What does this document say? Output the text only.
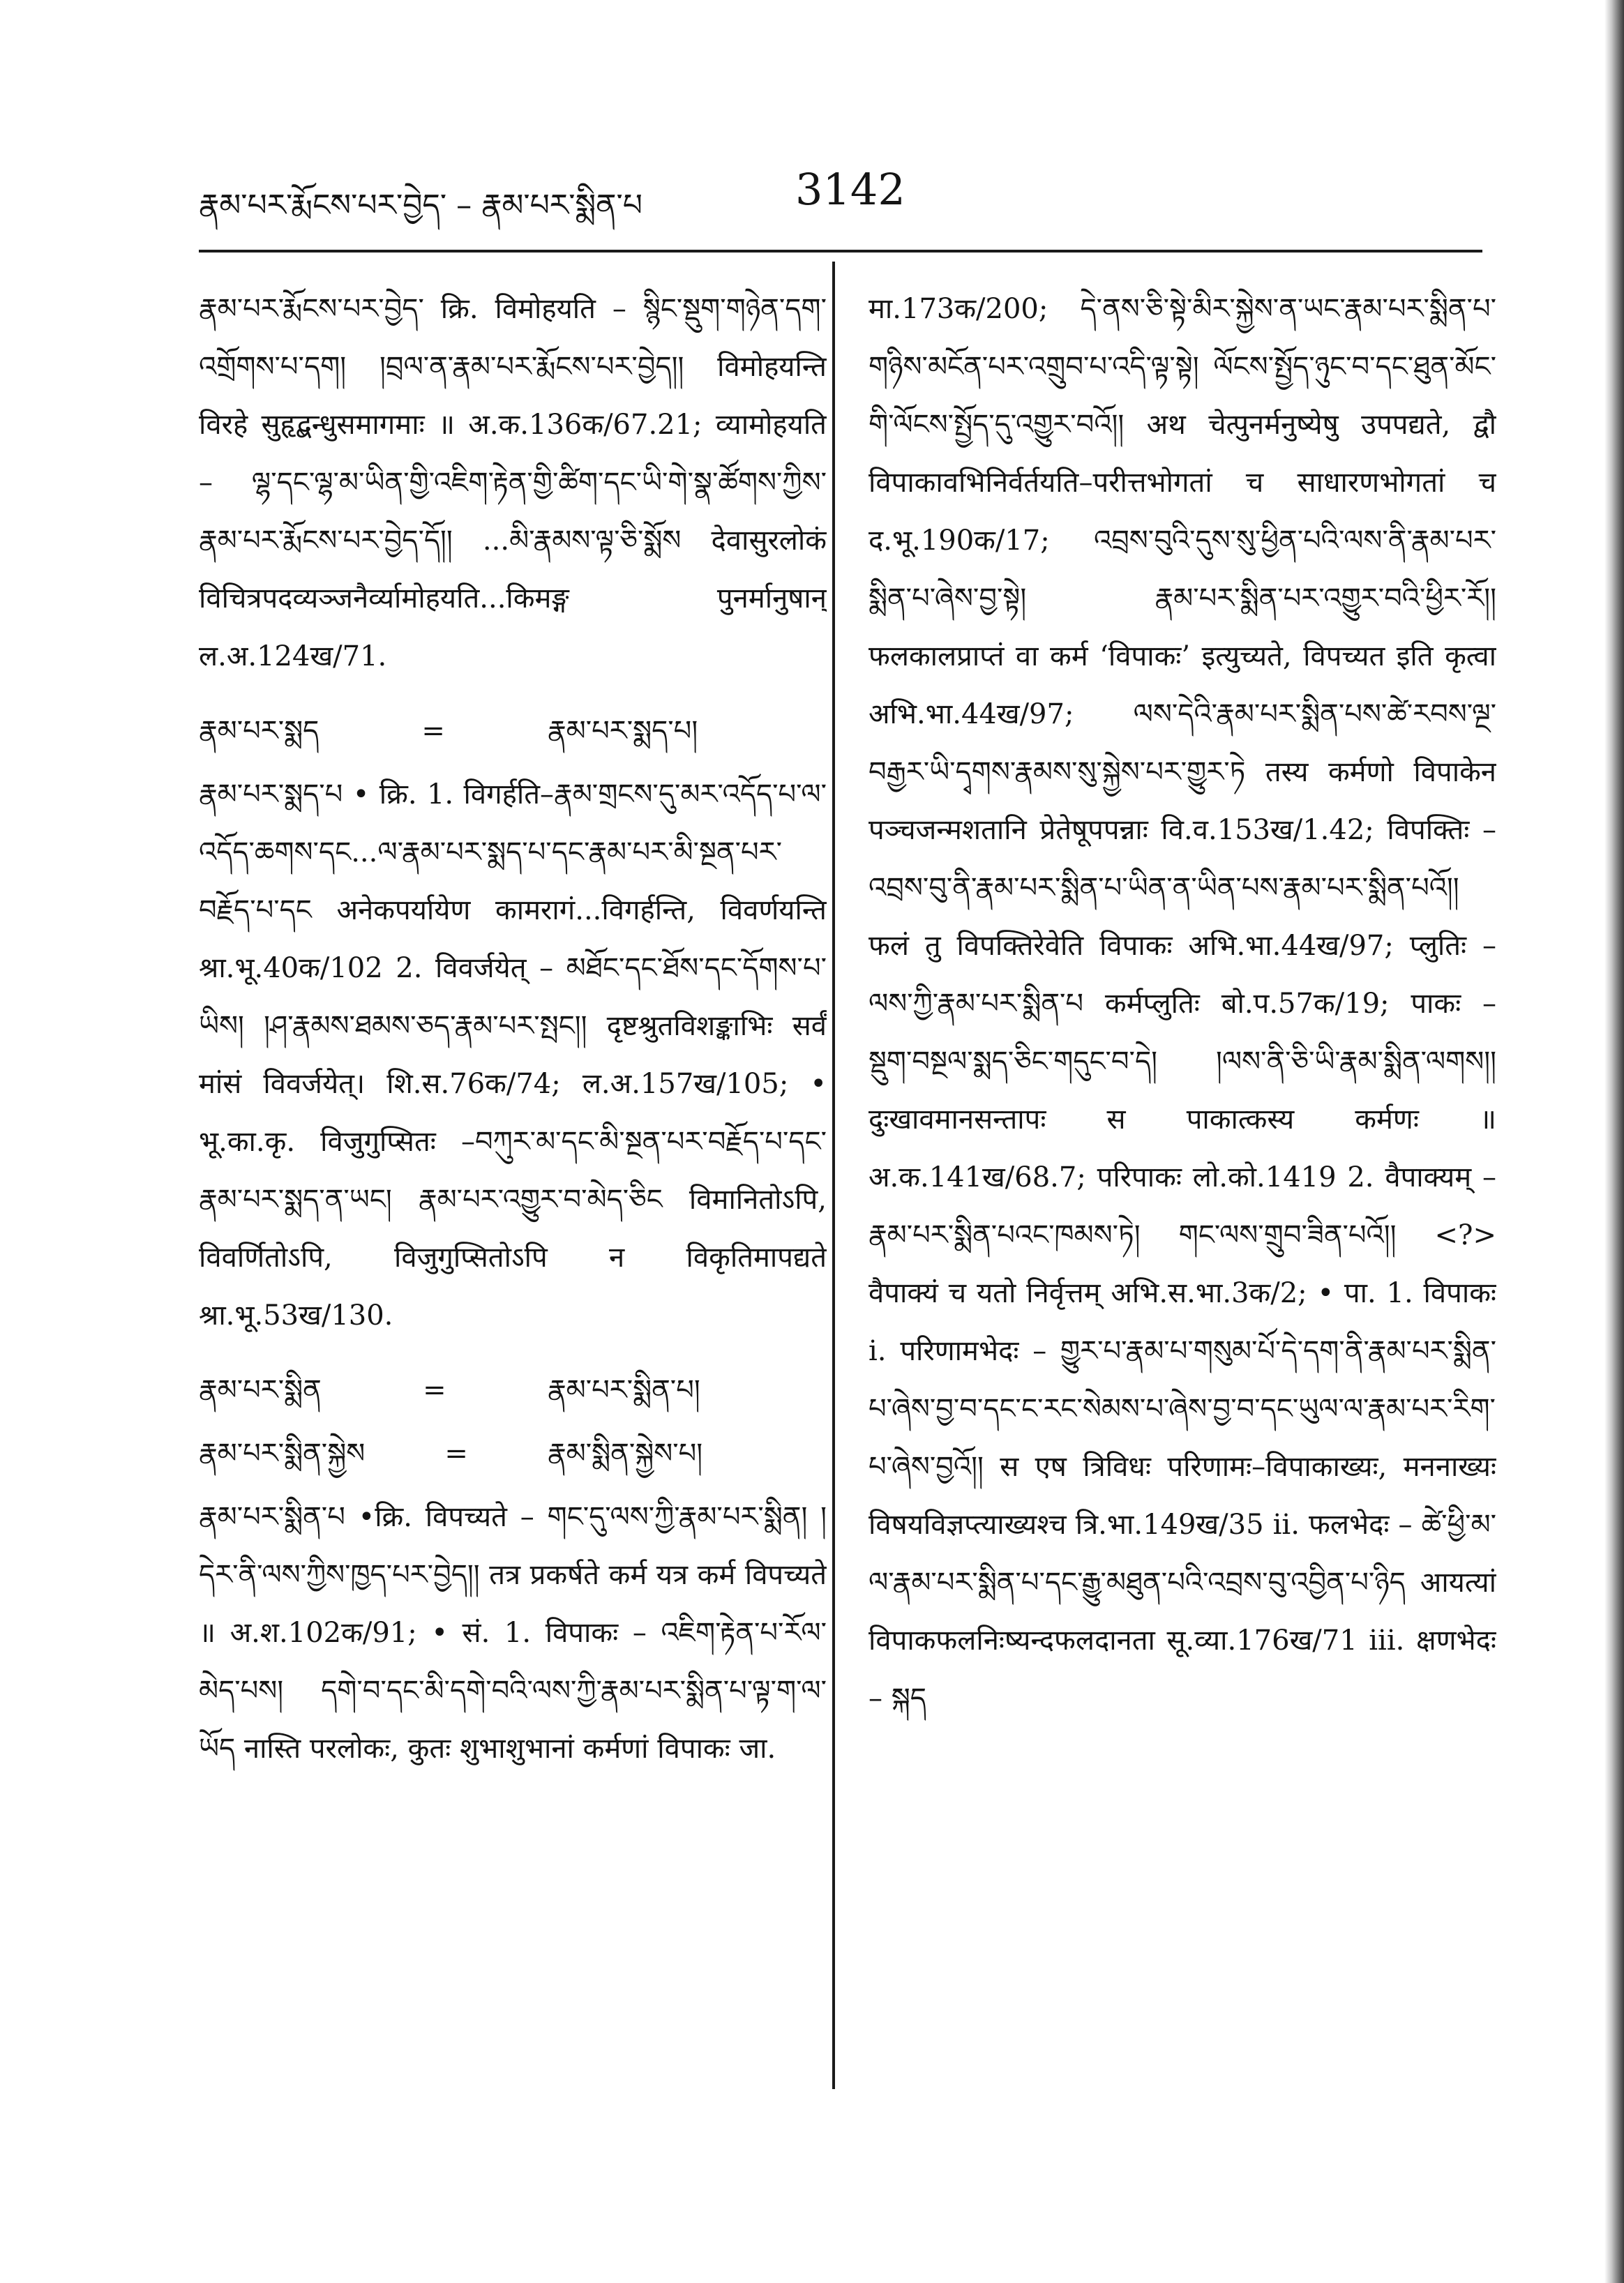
རྣམ་པར་རྨོངས་པར་བྱེད་ – རྣམ་པར་སྨིན་པ	3142

རྣམ་པར་རྨོངས་པར་བྱེད་ क्रि. विमोहयति – སྙིང་སྡུག་གཉེན་དག་འགྲོགས་པ་དག། །བྲལ་ན་རྣམ་པར་རྨོངས་པར་བྱེད།། विमोहयन्ति विरहे सुहृद्बन्धुसमागमाः ॥ अ.क.136क/67.21; व्यामोहयति – ལྷ་དང་ལྷ་མ་ཡིན་གྱི་འཇིག་རྟེན་གྱི་ཚིག་དང་ཡི་གེ་སྣ་ཚོགས་ཀྱིས་རྣམ་པར་རྨོངས་པར་བྱེད་དོ།། ...མི་རྣམས་ལྟ་ཅི་སྨོས देवासुरलोकं विचित्रपदव्यञ्जनैर्व्यामोहयति...किमङ्ग पुनर्मानुषान् ल.अ.124ख/71.

རྣམ་པར་སྨད	=	རྣམ་པར་སྨད་པ།

རྣམ་པར་སྨད་པ • क्रि. 1. विगर्हति–རྣམ་གྲངས་དུ་མར་འདོད་པ་ལ་འདོད་ཆགས་དང...ལ་རྣམ་པར་སྨད་པ་དང་རྣམ་པར་མི་སྔན་པར་བརྗོད་པ་དང अनेकपर्यायेण कामरागं...विगर्हन्ति, विवर्णयन्ति श्रा.भू.40क/102 2. विवर्जयेत् – མཐོང་དང་ཐོས་དང་དོགས་པ་ཡིས། །ཤ་རྣམས་ཐམས་ཅད་རྣམ་པར་སྤང།། दृष्टश्रुतविशङ्काभिः सर्वं मांसं विवर्जयेत्। शि.स.76क/74; ल.अ.157ख/105; • भू.का.कृ. विजुगुप्सितः –བཀུར་མ་དང་མི་སྔན་པར་བརྗོད་པ་དང་རྣམ་པར་སྨད་ན་ཡང། རྣམ་པར་འགྱུར་བ་མེད་ཅིང विमानितोऽपि, विवर्णितोऽपि, विजुगुप्सितोऽपि न विकृतिमापद्यते श्रा.भू.53ख/130.

རྣམ་པར་སྨིན	=	རྣམ་པར་སྨིན་པ།

རྣམ་པར་སྨིན་སྐྱེས	=	རྣམ་སྨིན་སྐྱེས་པ།

རྣམ་པར་སྨིན་པ •क्रि. विपच्यते – གང་དུ་ལས་ཀྱི་རྣམ་པར་སྨིན། །དེར་ནི་ལས་ཀྱིས་ཁྱད་པར་བྱེད།། तत्र प्रकर्षते कर्म यत्र कर्म विपच्यते ॥ अ.श.102क/91; • सं. 1. विपाकः – འཇིག་རྟེན་པ་རོལ་མེད་པས། དགེ་བ་དང་མི་དགེ་བའི་ལས་ཀྱི་རྣམ་པར་སྨིན་པ་ལྟ་ག་ལ་ཡོད नास्ति परलोकः, कुतः शुभाशुभानां कर्मणां विपाकः जा.

मा.173क/200; དེ་ནས་ཅི་སྟེ་མིར་སྐྱེས་ན་ཡང་རྣམ་པར་སྨིན་པ་གཉིས་མངོན་པར་འགྲུབ་པ་འདི་ལྟ་སྟེ། ལོངས་སྤྱོད་ཉུང་བ་དང་ཐུན་མོང་གི་ལོངས་སྤྱོད་དུ་འགྱུར་བའོ།། अथ चेत्पुनर्मनुष्येषु उपपद्यते, द्वौ विपाकावभिनिर्वर्तयति–परीत्तभोगतां च साधारणभोगतां च द.भू.190क/17; འབྲས་བུའི་དུས་སུ་ཕྱིན་པའི་ལས་ནི་རྣམ་པར་སྨིན་པ་ཞེས་བྱ་སྟེ། རྣམ་པར་སྨིན་པར་འགྱུར་བའི་ཕྱིར་རོ།། फलकालप्राप्तं वा कर्म ‘विपाकः’ इत्युच्यते, विपच्यत इति कृत्वा अभि.भा.44ख/97; ལས་དེའི་རྣམ་པར་སྨིན་པས་ཚེ་རབས་ལྔ་བརྒྱར་ཡི་དྭགས་རྣམས་སུ་སྐྱེས་པར་གྱུར་ཏེ तस्य कर्मणो विपाकेन पञ्चजन्मशतानि प्रेतेषूपपन्नाः वि.व.153ख/1.42; विपक्तिः – འབྲས་བུ་ནི་རྣམ་པར་སྨིན་པ་ཡིན་ན་ཡིན་པས་རྣམ་པར་སྨིན་པའོ།། फलं तु विपक्तिरेवेति विपाकः अभि.भा.44ख/97; प्लुतिः – ལས་ཀྱི་རྣམ་པར་སྨིན་པ कर्मप्लुतिः बो.प.57क/19; पाकः – སྡུག་བསྔལ་སྨད་ཅིང་གདུང་བ་དེ། །ལས་ནི་ཅི་ཡི་རྣམ་སྨིན་ལགས།། दुःखावमानसन्तापः स पाकात्कस्य कर्मणः ॥ अ.क.141ख/68.7; परिपाकः लो.को.1419 2. वैपाक्यम् – རྣམ་པར་སྨིན་པའང་ཁམས་ཏེ། གང་ལས་གྲུབ་ཟིན་པའོ།། <?> वैपाक्यं च यतो निर्वृत्तम् अभि.स.भा.3क/2; • पा. 1. विपाकः i. परिणामभेदः – གྱུར་པ་རྣམ་པ་གསུམ་པོ་དེ་དག་ནི་རྣམ་པར་སྨིན་པ་ཞེས་བྱ་བ་དང་ང་རང་སེམས་པ་ཞེས་བྱ་བ་དང་ཡུལ་ལ་རྣམ་པར་རིག་པ་ཞེས་བྱའོ།། स एष त्रिविधः परिणामः–विपाकाख्यः, मननाख्यः विषयविज्ञप्त्याख्यश्च त्रि.भा.149ख/35 ii. फलभेदः – ཚེ་ཕྱི་མ་ལ་རྣམ་པར་སྨིན་པ་དང་རྒྱུ་མཐུན་པའི་འབྲས་བུ་འབྱིན་པ་ཉིད आयत्यां विपाकफलनिःष्यन्दफलदानता सू.व्या.176ख/71 iii. क्षणभेदः – སྐད
